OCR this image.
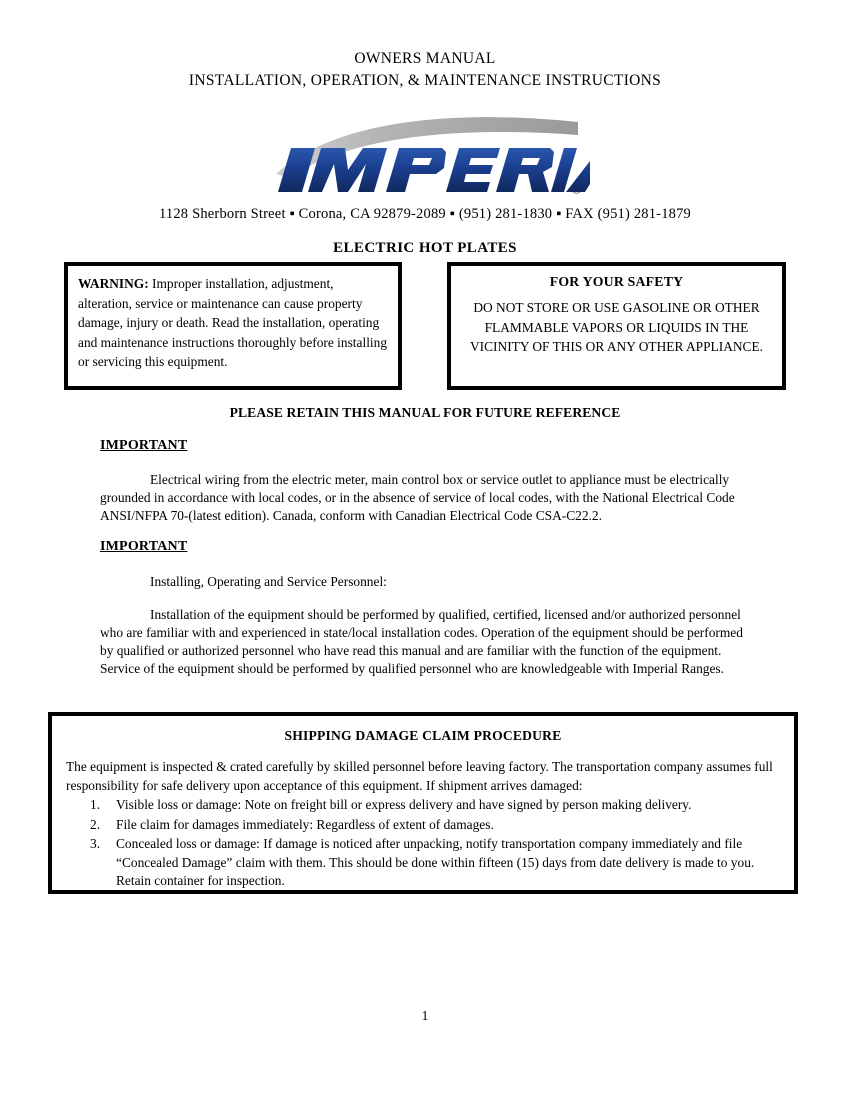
OWNERS MANUAL
INSTALLATION, OPERATION, & MAINTENANCE INSTRUCTIONS
®
1128 Sherborn Street ▪ Corona, CA 92879-2089 ▪ (951) 281-1830 ▪ FAX (951) 281-1879
ELECTRIC HOT PLATES
WARNING: Improper installation, adjustment, alteration, service or maintenance can cause property damage, injury or death. Read the installation, operating and maintenance instructions thoroughly before installing or servicing this equipment.
FOR YOUR SAFETY
DO NOT STORE OR USE GASOLINE OR OTHER FLAMMABLE VAPORS OR LIQUIDS IN THE VICINITY OF THIS OR ANY OTHER APPLIANCE.
PLEASE RETAIN THIS MANUAL FOR FUTURE REFERENCE
IMPORTANT
Electrical wiring from the electric meter, main control box or service outlet to appliance must be electrically grounded in accordance with local codes, or in the absence of service of local codes, with the National Electrical Code ANSI/NFPA 70-(latest edition). Canada, conform with Canadian Electrical Code CSA-C22.2.
IMPORTANT
Installing, Operating and Service Personnel:
Installation of the equipment should be performed by qualified, certified, licensed and/or authorized personnel who are familiar with and experienced in state/local installation codes. Operation of the equipment should be performed by qualified or authorized personnel who have read this manual and are familiar with the function of the equipment. Service of the equipment should be performed by qualified personnel who are knowledgeable with Imperial Ranges.
SHIPPING DAMAGE CLAIM PROCEDURE
The equipment is inspected & crated carefully by skilled personnel before leaving factory. The transportation company assumes full responsibility for safe delivery upon acceptance of this equipment. If shipment arrives damaged:
1.	Visible loss or damage: Note on freight bill or express delivery and have signed by person making delivery.
2.	File claim for damages immediately: Regardless of extent of damages.
3.	Concealed loss or damage: If damage is noticed after unpacking, notify transportation company immediately and file “Concealed Damage” claim with them. This should be done within fifteen (15) days from date delivery is made to you. Retain container for inspection.
1
